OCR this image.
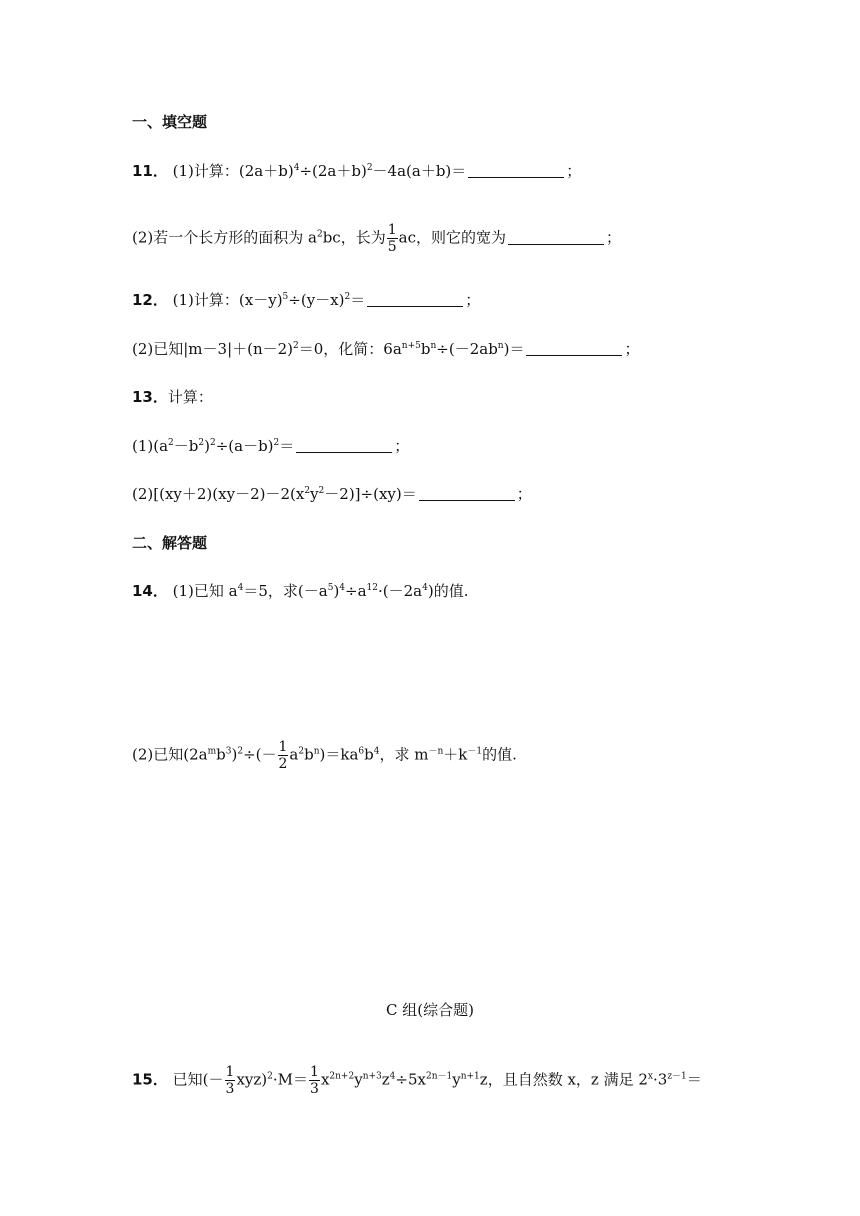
一、填空题
11． (1)计算：$(2a+b)^4\div(2a+b)^2-4a(a+b)=$	；
(2)若一个长方形的面积为 $a^2bc$，长为 $\frac{1}{5}$ ac，则它的宽为	；
12． (1)计算：$(x-y)^5\div(y-x)^2=$	；
(2)已知$|m-3|+(n-2)^2=0$，化简：$6a^{n+5}b^n\div(-2ab^n)=$	；
13．计算：
$(1)(a^2-b^2)^2\div(a-b)^2=$	；
$(2)[(xy+2)(xy-2)-2(x^2y^2-2)]\div(xy)=$	；
二、解答题
14． (1)已知 $a^4=5$，求$(-a^5)^4\div a^{12}\cdot(-2a^4)$的值.
(2)已知$(2a^mb^3)^2\div(- \frac{1}{2} a^2b^n)=ka^6b^4$，求 $m^{-n}+k^{-1}$的值.
C 组(综合题)
15． 已知(－ $\frac{1}{3} xyz)^2\cdot M= \frac{1}{3} x^{2n+2}y^{n+3}z^4\div 5x^{2n-1}y^{n+1}z$，且自然数 x，z 满足 $2^x\cdot 3^{z-1}=$
